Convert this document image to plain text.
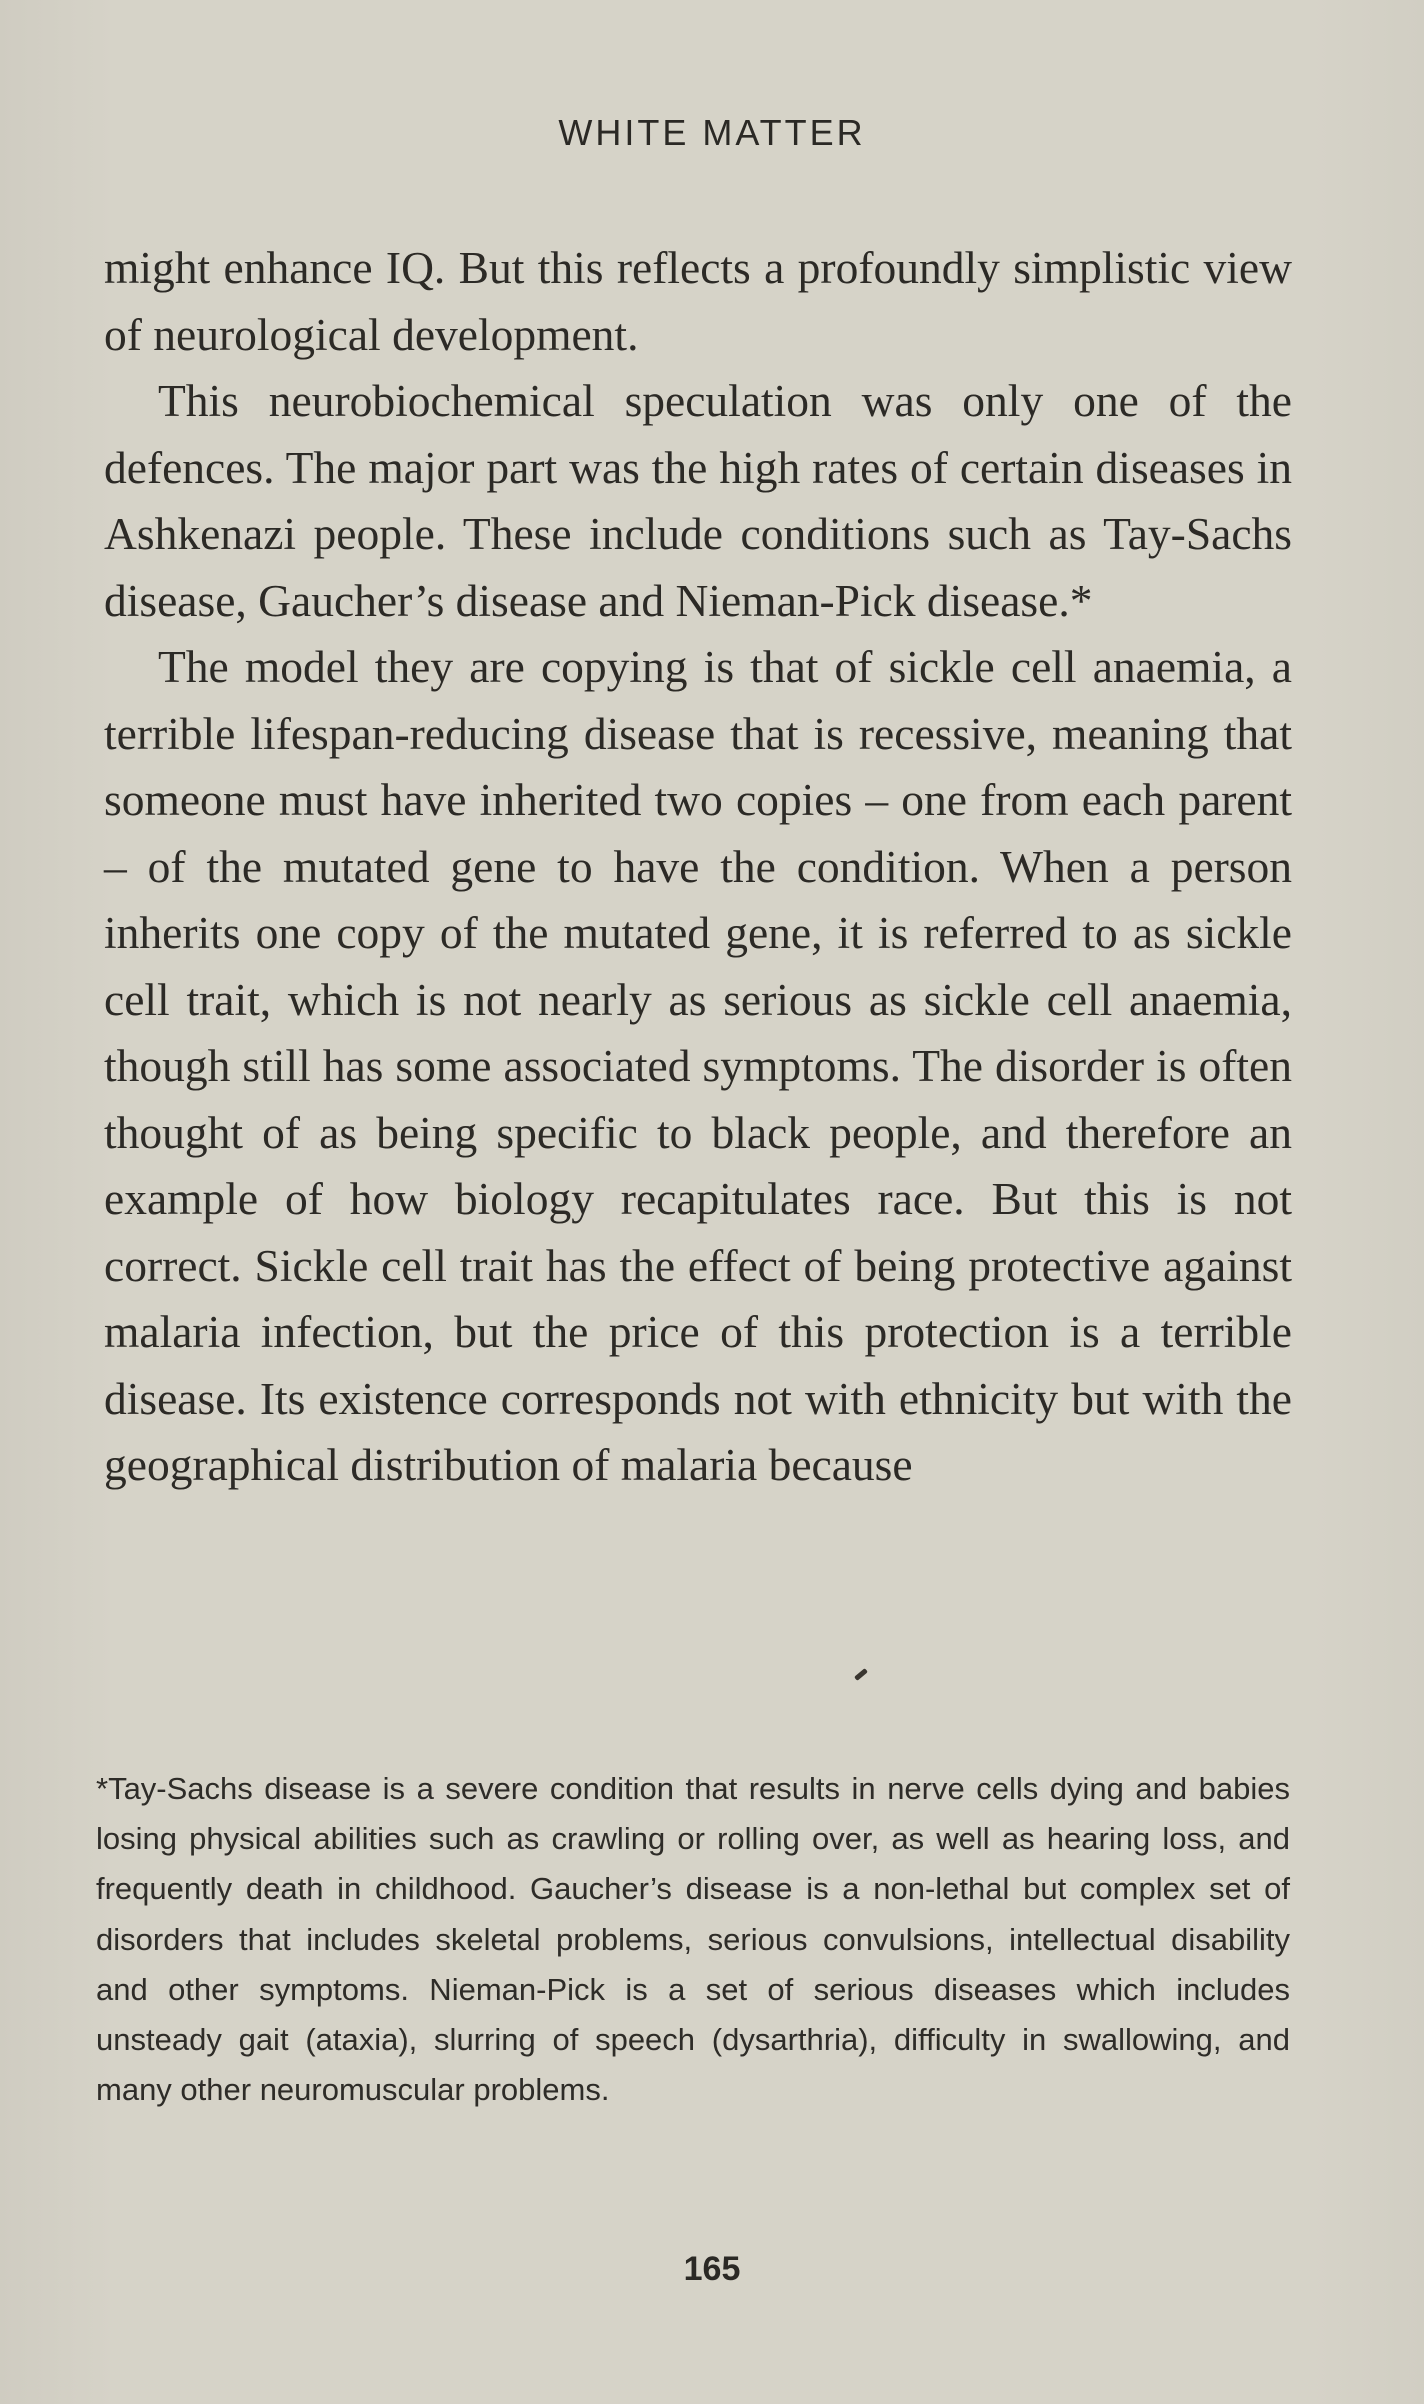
WHITE MATTER

might enhance IQ. But this reflects a profoundly simplistic view of neurological development.

This neurobiochemical speculation was only one of the defences. The major part was the high rates of certain diseases in Ashkenazi people. These include conditions such as Tay-Sachs disease, Gaucher’s disease and Nieman-Pick disease.*

The model they are copying is that of sickle cell anaemia, a terrible lifespan-reducing disease that is recessive, meaning that someone must have inherited two copies – one from each parent – of the mutated gene to have the condition. When a person inherits one copy of the mutated gene, it is referred to as sickle cell trait, which is not nearly as serious as sickle cell anaemia, though still has some associated symptoms. The disorder is often thought of as being specific to black people, and therefore an example of how biology recapitulates race. But this is not correct. Sickle cell trait has the effect of being protective against malaria infection, but the price of this protection is a terrible disease. Its existence corresponds not with ethnicity but with the geographical distribution of malaria because

*Tay-Sachs disease is a severe condition that results in nerve cells dying and babies losing physical abilities such as crawling or rolling over, as well as hearing loss, and frequently death in childhood. Gaucher’s disease is a non-lethal but complex set of disorders that includes skeletal problems, serious convulsions, intellectual disability and other symptoms. Nieman-Pick is a set of serious diseases which includes unsteady gait (ataxia), slurring of speech (dysarthria), difficulty in swallowing, and many other neuromuscular problems.

165
